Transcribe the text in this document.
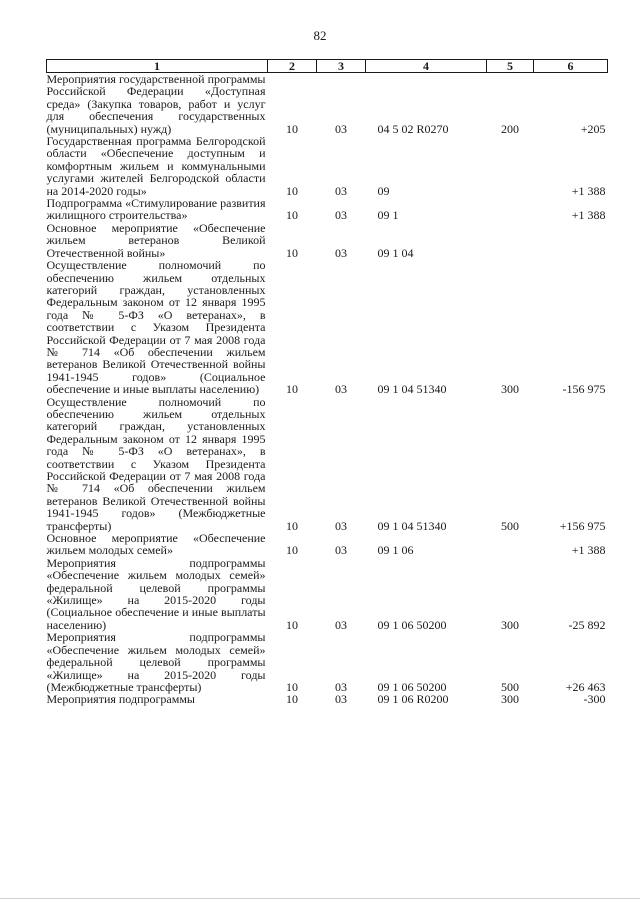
82
1	2	3	4	5	6
Мероприятия государственной программы Российской Федерации «Доступная среда» (Закупка товаров, работ и услуг для обеспечения государственных (муниципальных) нужд)	10	03	04 5 02 R0270	200	+205
Государственная программа Белгородской области «Обеспечение доступным и комфортным жильем и коммунальными услугами жителей Белгородской области на 2014-2020 годы»	10	03	09		+1 388
Подпрограмма «Стимулирование развития жилищного строительства»	10	03	09 1		+1 388
Основное мероприятие «Обеспечение жильем ветеранов Великой Отечественной войны»	10	03	09 1 04		
Осуществление полномочий по обеспечению жильем отдельных категорий граждан, установленных Федеральным законом от 12 января 1995 года № 5-ФЗ «О ветеранах», в соответствии с Указом Президента Российской Федерации от 7 мая 2008 года № 714 «Об обеспечении жильем ветеранов Великой Отечественной войны 1941-1945 годов» (Социальное обеспечение и иные выплаты населению)	10	03	09 1 04 51340	300	-156 975
Осуществление полномочий по обеспечению жильем отдельных категорий граждан, установленных Федеральным законом от 12 января 1995 года № 5-ФЗ «О ветеранах», в соответствии с Указом Президента Российской Федерации от 7 мая 2008 года № 714 «Об обеспечении жильем ветеранов Великой Отечественной войны 1941-1945 годов» (Межбюджетные трансферты)	10	03	09 1 04 51340	500	+156 975
Основное мероприятие «Обеспечение жильем молодых семей»	10	03	09 1 06		+1 388
Мероприятия подпрограммы «Обеспечение жильем молодых семей» федеральной целевой программы «Жилище» на 2015-2020 годы (Социальное обеспечение и иные выплаты населению)	10	03	09 1 06 50200	300	-25 892
Мероприятия подпрограммы «Обеспечение жильем молодых семей» федеральной целевой программы «Жилище» на 2015-2020 годы (Межбюджетные трансферты)	10	03	09 1 06 50200	500	+26 463
Мероприятия подпрограммы	10	03	09 1 06 R0200	300	-300
